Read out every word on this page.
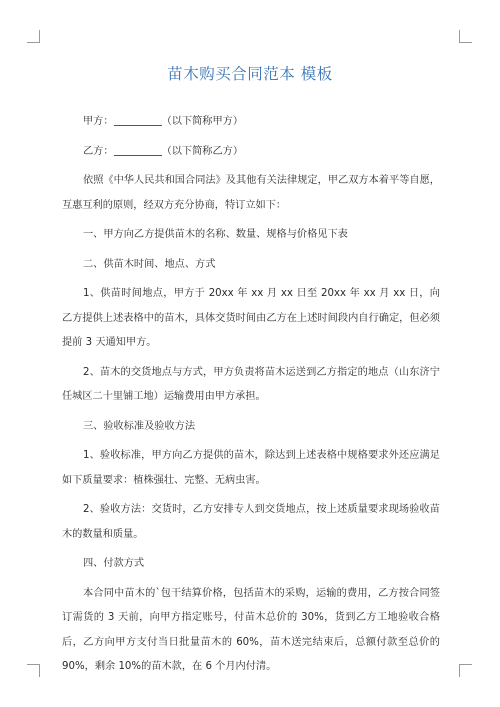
苗木购买合同范本 模板

甲方：	（以下简称甲方）

乙方：	（以下简称乙方）

依照《中华人民共和国合同法》及其他有关法律规定，甲乙双方本着平等自愿，互惠互利的原则，经双方充分协商，特订立如下：

一、甲方向乙方提供苗木的名称、数量、规格与价格见下表

二、供苗木时间、地点、方式

1、供苗时间地点，甲方于 20xx 年 xx 月 xx 日至 20xx 年 xx 月 xx 日，向乙方提供上述表格中的苗木，具体交货时间由乙方在上述时间段内自行确定，但必须提前 3 天通知甲方。

2、苗木的交货地点与方式，甲方负责将苗木运送到乙方指定的地点（山东济宁任城区二十里铺工地）运输费用由甲方承担。

三、验收标准及验收方法

1、验收标准，甲方向乙方提供的苗木，除达到上述表格中规格要求外还应满足如下质量要求：植株强壮、完整、无病虫害。

2、验收方法：交货时，乙方安排专人到交货地点，按上述质量要求现场验收苗木的数量和质量。

四、付款方式

本合同中苗木的`包干结算价格，包括苗木的采购，运输的费用，乙方按合同签订需货的 3 天前，向甲方指定账号，付苗木总价的 30%，货到乙方工地验收合格后，乙方向甲方支付当日批量苗木的 60%，苗木送完结束后，总额付款至总价的 90%，剩余 10%的苗木款，在 6 个月内付清。
